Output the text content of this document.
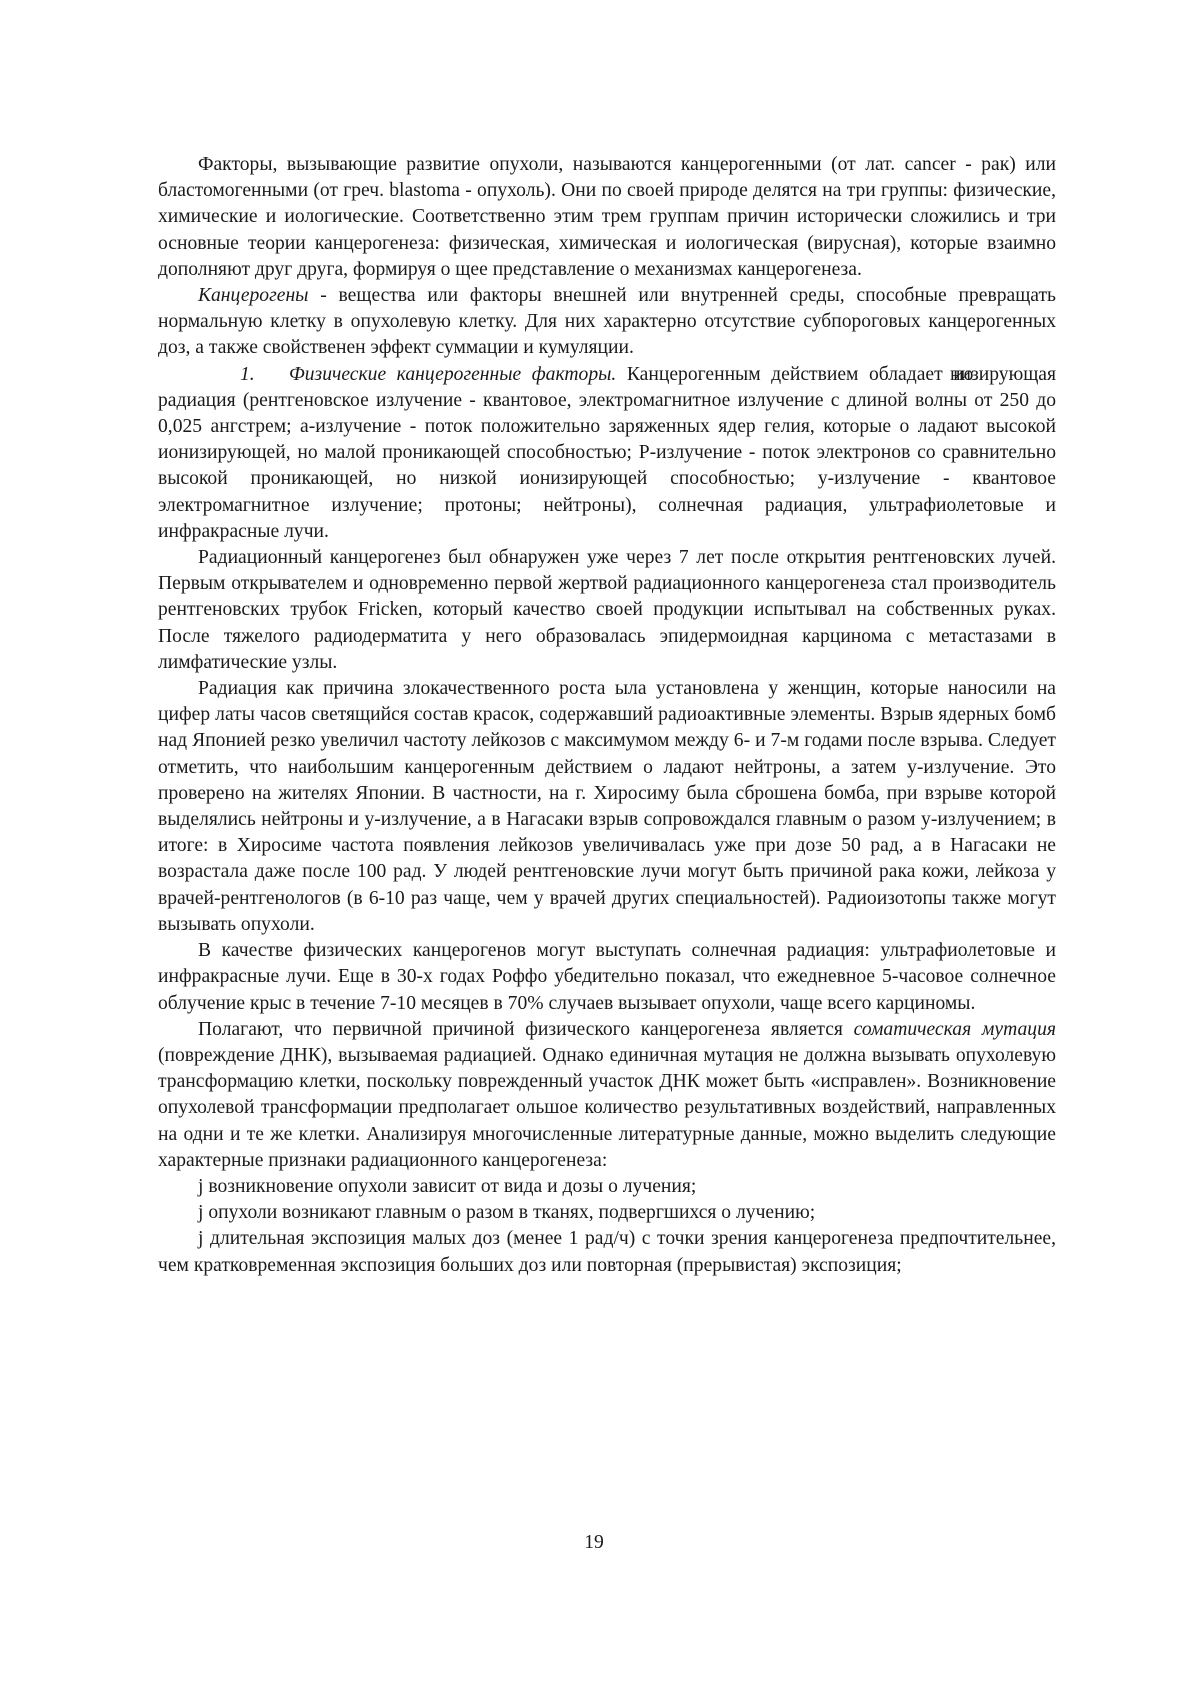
Факторы, вызывающие развитие опухоли, называются канцерогенными (от лат. cancer - рак) или бластомогенными (от греч. blastoma - опухоль). Они по своей природе делятся на три группы: физические, химические и иологические. Соответственно этим трем группам причин исторически сложились и три основные теории канцерогенеза: физическая, химическая и иологическая (вирусная), которые взаимно дополняют друг друга, формируя о щее представление о механизмах канцерогенеза.

Канцерогены - вещества или факторы внешней или внутренней среды, способные превращать нормальную клетку в опухолевую клетку. Для них характерно отсутствие субпороговых канцерогенных доз, а также свойственен эффект суммации и кумуляции.

1. Физические канцерогенные факторы. Канцерогенным действием обладает ио низирующая радиация (рентгеновское излучение - квантовое, электромагнитное излучение с длиной волны от 250 до 0,025 ангстрем; а-излучение - поток положительно заряженных ядер гелия, которые о ладают высокой ионизирующей, но малой проникающей способностью; Р-излучение - поток электронов со сравнительно высокой проникающей, но низкой ионизирующей способностью; у-излучение - квантовое электромагнитное излучение; протоны; нейтроны), солнечная радиация, ультрафиолетовые и инфракрасные лучи.

Радиационный канцерогенез был обнаружен уже через 7 лет после открытия рентгеновских лучей. Первым открывателем и одновременно первой жертвой радиационного канцерогенеза стал производитель рентгеновских трубок Fricken, который качество своей продукции испытывал на собственных руках. После тяжелого радиодерматита у него образовалась эпидермоидная карцинома с метастазами в лимфатические узлы.

Радиация как причина злокачественного роста ыла установлена у женщин, которые наносили на цифер латы часов светящийся состав красок, содержавший радиоактивные элементы. Взрыв ядерных бомб над Японией резко увеличил частоту лейкозов с максимумом между 6- и 7-м годами после взрыва. Следует отметить, что наибольшим канцерогенным действием о ладают нейтроны, а затем у-излучение. Это проверено на жителях Японии. В частности, на г. Хиросиму была сброшена бомба, при взрыве которой выделялись нейтроны и у-излучение, а в Нагасаки взрыв сопровождался главным о разом у-излучением; в итоге: в Хиросиме частота появления лейкозов увеличивалась уже при дозе 50 рад, а в Нагасаки не возрастала даже после 100 рад. У людей рентгеновские лучи могут быть причиной рака кожи, лейкоза у врачей-рентгенологов (в 6-10 раз чаще, чем у врачей других специальностей). Радиоизотопы также могут вызывать опухоли.

В качестве физических канцерогенов могут выступать солнечная радиация: ультрафиолетовые и инфракрасные лучи. Еще в 30-х годах Роффо убедительно показал, что ежедневное 5-часовое солнечное облучение крыс в течение 7-10 месяцев в 70% случаев вызывает опухоли, чаще всего карциномы.

Полагают, что первичной причиной физического канцерогенеза является соматическая мутация (повреждение ДНК), вызываемая радиацией. Однако единичная мутация не должна вызывать опухолевую трансформацию клетки, поскольку поврежденный участок ДНК может быть «исправлен». Возникновение опухолевой трансформации предполагает ольшое количество результативных воздействий, направленных на одни и те же клетки. Анализируя многочисленные литературные данные, можно выделить следующие характерные признаки радиационного канцерогенеза:

j возникновение опухоли зависит от вида и дозы о лучения;

j опухоли возникают главным о разом в тканях, подвергшихся о лучению;

j длительная экспозиция малых доз (менее 1 рад/ч) с точки зрения канцерогенеза предпочтительнее, чем кратковременная экспозиция больших доз или повторная (прерывистая) экспозиция;

19
